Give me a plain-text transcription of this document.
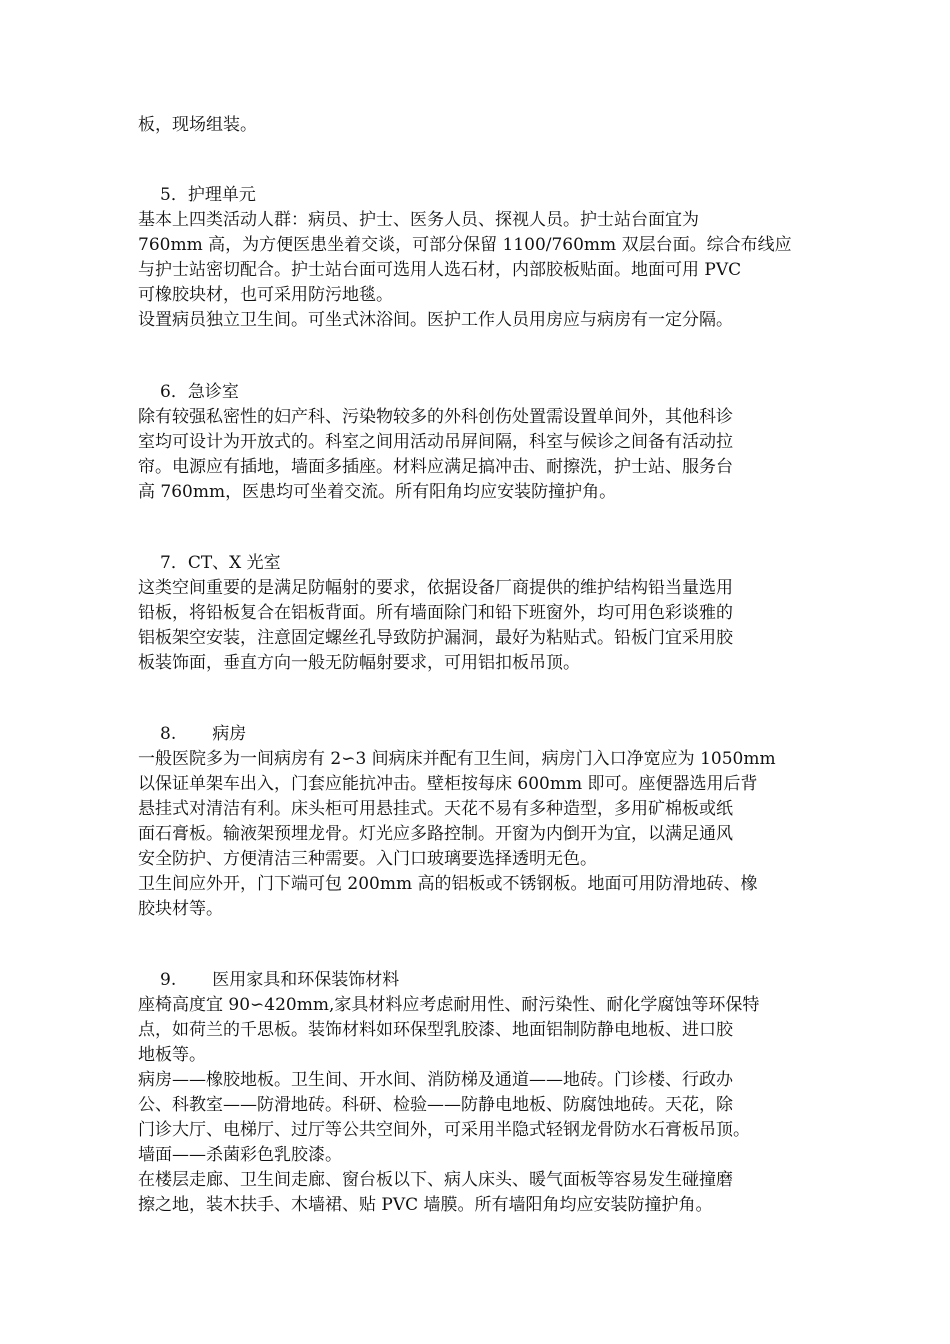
板，现场组装。
5．护理单元
基本上四类活动人群：病员、护士、医务人员、探视人员。护士站台面宜为
760mm 高，为方便医患坐着交谈，可部分保留 1100/760mm 双层台面。综合布线应
与护士站密切配合。护士站台面可选用人选石材，内部胶板贴面。地面可用 PVC
可橡胶块材，也可采用防污地毯。
设置病员独立卫生间。可坐式沐浴间。医护工作人员用房应与病房有一定分隔。
6．急诊室
除有较强私密性的妇产科、污染物较多的外科创伤处置需设置单间外，其他科诊
室均可设计为开放式的。科室之间用活动吊屏间隔，科室与候诊之间备有活动拉
帘。电源应有插地，墙面多插座。材料应满足搞冲击、耐擦洗，护士站、服务台
高 760mm，医患均可坐着交流。所有阳角均应安装防撞护角。
7．CT、X 光室
这类空间重要的是满足防幅射的要求，依据设备厂商提供的维护结构铅当量选用
铅板，将铅板复合在铝板背面。所有墙面除门和铅下班窗外，均可用色彩谈雅的
铝板架空安装，注意固定螺丝孔导致防护漏洞，最好为粘贴式。铅板门宜采用胶
板装饰面，垂直方向一般无防幅射要求，可用铝扣板吊顶。
8. 病房
一般医院多为一间病房有 2∽3 间病床并配有卫生间，病房门入口净宽应为 1050mm
以保证单架车出入，门套应能抗冲击。壁柜按每床 600mm 即可。座便器选用后背
悬挂式对清洁有利。床头柜可用悬挂式。天花不易有多种造型，多用矿棉板或纸
面石膏板。输液架预埋龙骨。灯光应多路控制。开窗为内倒开为宜，以满足通风
安全防护、方便清洁三种需要。入门口玻璃要选择透明无色。
卫生间应外开，门下端可包 200mm 高的铝板或不锈钢板。地面可用防滑地砖、橡
胶块材等。
9. 医用家具和环保装饰材料
座椅高度宜 90∽420mm,家具材料应考虑耐用性、耐污染性、耐化学腐蚀等环保特
点，如荷兰的千思板。装饰材料如环保型乳胶漆、地面铝制防静电地板、进口胶
地板等。
病房——橡胶地板。卫生间、开水间、消防梯及通道——地砖。门诊楼、行政办
公、科教室——防滑地砖。科研、检验——防静电地板、防腐蚀地砖。天花，除
门诊大厅、电梯厅、过厅等公共空间外，可采用半隐式轻钢龙骨防水石膏板吊顶。
墙面——杀菌彩色乳胶漆。
在楼层走廊、卫生间走廊、窗台板以下、病人床头、暖气面板等容易发生碰撞磨
擦之地，装木扶手、木墙裙、贴 PVC 墙膜。所有墙阳角均应安装防撞护角。
